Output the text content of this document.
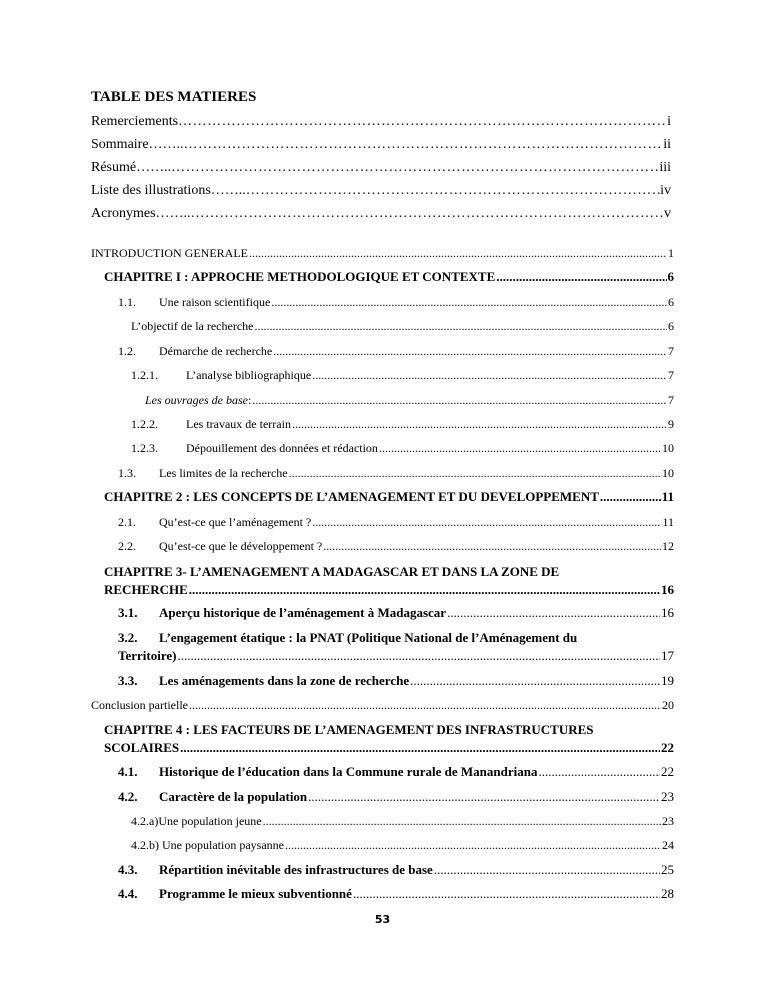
TABLE DES MATIERES
Remerciements ………………………………………………………………………………………………………………………………………………	i
Sommaire…….. ………………………………………………………………………………………………………………………………………………	ii
Résumé…….. ………………………………………………………………………………………………………………………………………………	iii
Liste des illustrations…….. ………………………………………………………………………………………………………………………………………………	iv
Acronymes…….. ………………………………………………………………………………………………………………………………………………	v
INTRODUCTION GENERALE .....	1
CHAPITRE I : APPROCHE METHODOLOGIQUE ET CONTEXTE .....	6
1.1.	Une raison scientifique .....	6
L’objectif de la recherche .....	6
1.2.	Démarche de recherche .....	7
1.2.1.	L’analyse bibliographique .....	7
Les ouvrages de base : .....	7
1.2.2.	Les travaux de terrain .....	9
1.2.3.	Dépouillement des données et rédaction .....	10
1.3.	Les limites de la recherche .....	10
CHAPITRE 2 : LES CONCEPTS DE L’AMENAGEMENT ET DU DEVELOPPEMENT .....	11
2.1.	Qu’est-ce que l’aménagement ? .....	11
2.2.	Qu’est-ce que le développement ? .....	12
CHAPITRE 3- L’AMENAGEMENT A MADAGASCAR ET DANS LA ZONE DE
RECHERCHE .....	16
3.1.	Aperçu historique de l’aménagement à Madagascar .....	16
3.2. L’engagement étatique : la PNAT (Politique National de l’Aménagement du
Territoire) .....	17
3.3.	Les aménagements dans la zone de recherche .....	19
Conclusion partielle .....	20
CHAPITRE 4 : LES FACTEURS DE L’AMENAGEMENT DES INFRASTRUCTURES
SCOLAIRES .....	22
4.1.	Historique de l’éducation dans la Commune rurale de Manandriana .....	22
4.2.	Caractère de la population .....	23
4.2.a)Une population jeune .....	23
4.2.b) Une population paysanne .....	24
4.3.	Répartition inévitable des infrastructures de base .....	25
4.4.	Programme le mieux subventionné .....	28
53
